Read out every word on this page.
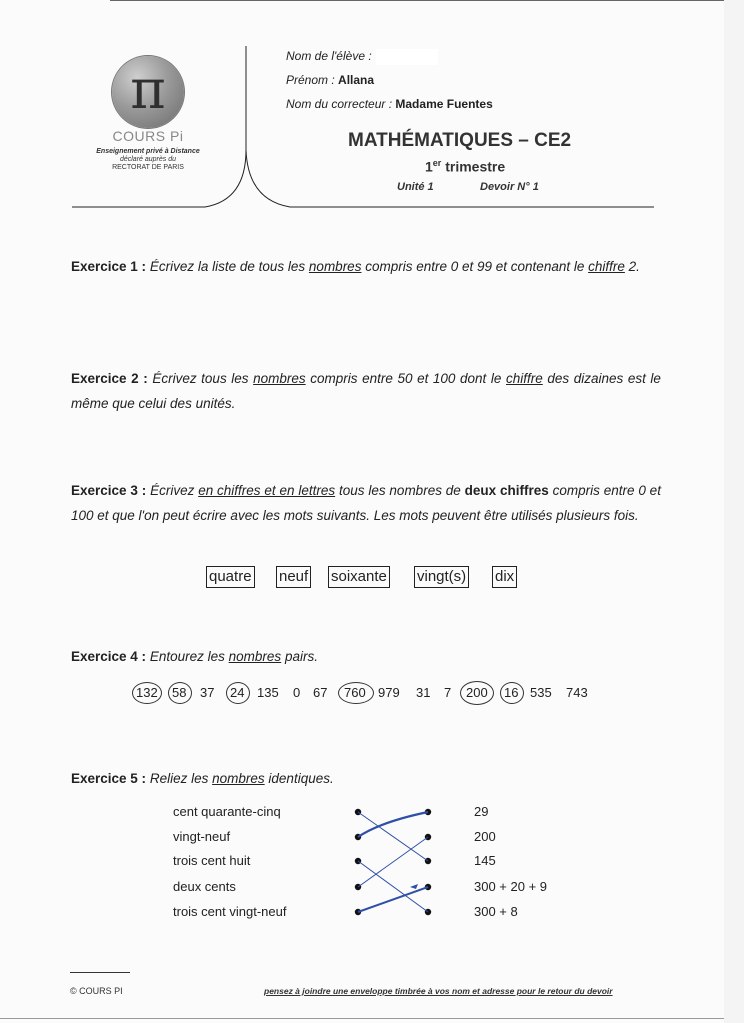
π
COURS Pi
Enseignement privé à Distance
déclaré auprès du
RECTORAT DE PARIS
Nom de l'élève :
Prénom : Allana
Nom du correcteur : Madame Fuentes
MATHÉMATIQUES – CE2
1er trimestre
Unité 1	Devoir N° 1
Exercice 1 : Écrivez la liste de tous les nombres compris entre 0 et 99 et contenant le chiffre 2.
Exercice 2 : Écrivez tous les nombres compris entre 50 et 100 dont le chiffre des dizaines est le même que celui des unités.
Exercice 3 : Écrivez en chiffres et en lettres tous les nombres de deux chiffres compris entre 0 et 100 et que l'on peut écrire avec les mots suivants. Les mots peuvent être utilisés plusieurs fois.
quatre neuf soixante vingt(s) dix
Exercice 4 : Entourez les nombres pairs.
132 58 37 24 135 0 67 760 979 31 7 200 16 535 743
Exercice 5 : Reliez les nombres identiques.
cent quarante-cinq
vingt-neuf
trois cent huit
deux cents
trois cent vingt-neuf
29
200
145
300 + 20 + 9
300 + 8
© COURS PI	pensez à joindre une enveloppe timbrée à vos nom et adresse pour le retour du devoir
